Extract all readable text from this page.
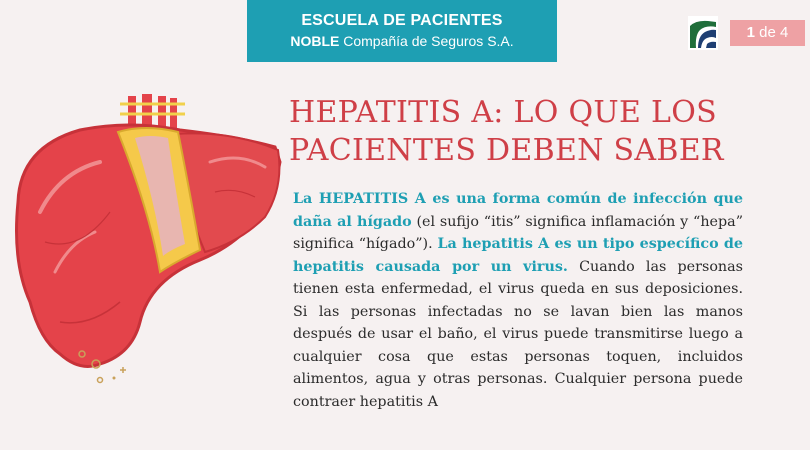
ESCUELA DE PACIENTES
NOBLE Compañía de Seguros S.A.	1 de 4
HEPATITIS A: LO QUE LOS
PACIENTES DEBEN SABER

La HEPATITIS A es una forma común de infección que daña al hígado (el sufijo “itis” significa inflamación y “hepa” significa “hígado”). La hepatitis A es un tipo específico de hepatitis causada por un virus. Cuando las personas tienen esta enfermedad, el virus queda en sus deposiciones. Si las personas infectadas no se lavan bien las manos después de usar el baño, el virus puede transmitirse luego a cualquier cosa que estas personas toquen, incluidos alimentos, agua y otras personas. Cualquier persona puede contraer hepatitis A
